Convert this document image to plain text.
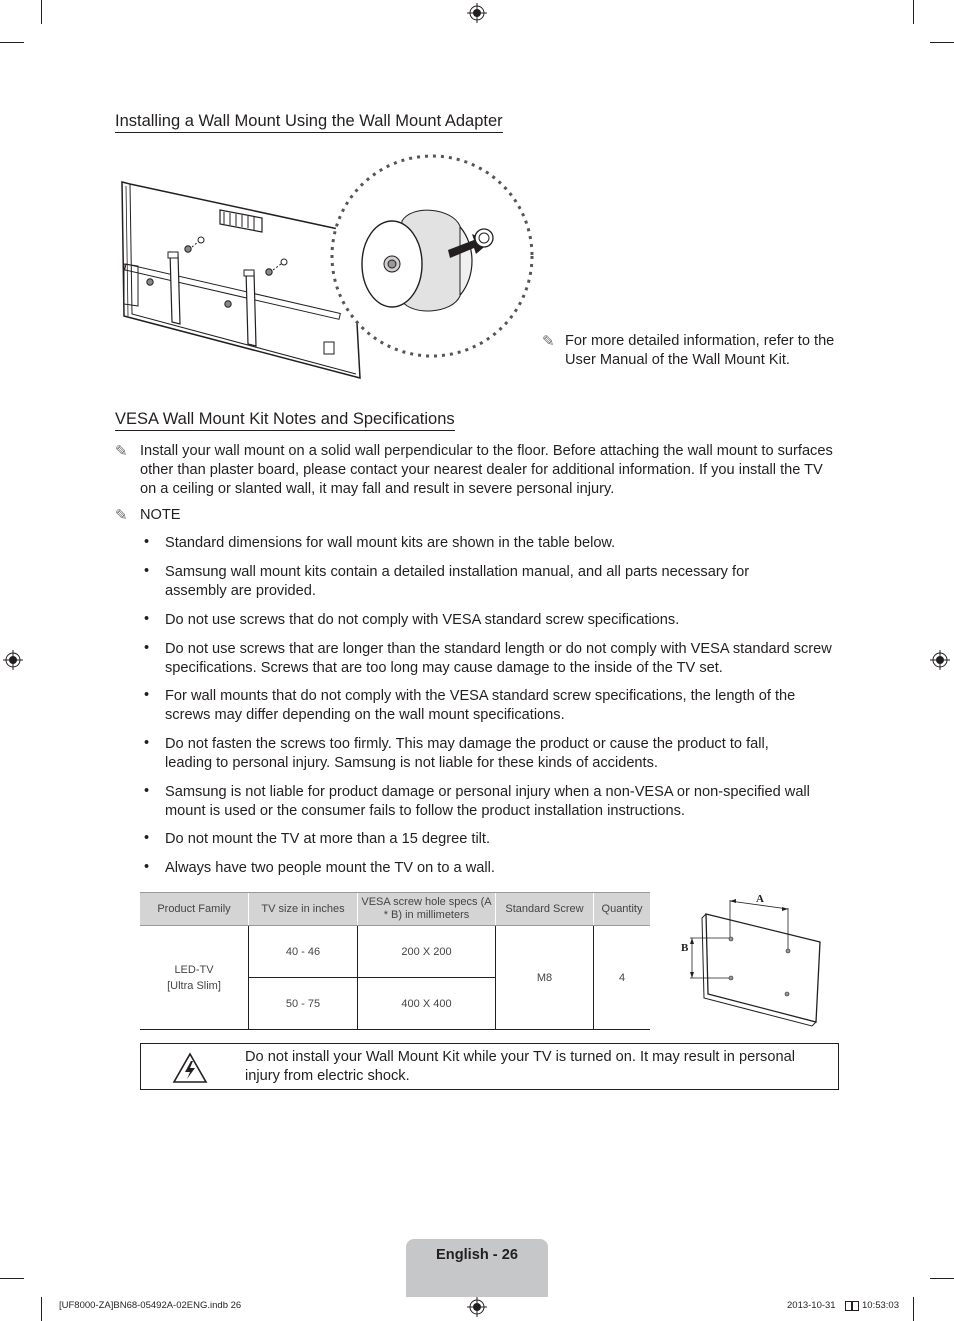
Installing a Wall Mount Using the Wall Mount Adapter
✎ For more detailed information, refer to the User Manual of the Wall Mount Kit.
VESA Wall Mount Kit Notes and Specifications
✎ Install your wall mount on a solid wall perpendicular to the floor. Before attaching the wall mount to surfaces other than plaster board, please contact your nearest dealer for additional information. If you install the TV on a ceiling or slanted wall, it may fall and result in severe personal injury.
✎ NOTE
• Standard dimensions for wall mount kits are shown in the table below.
• Samsung wall mount kits contain a detailed installation manual, and all parts necessary for assembly are provided.
• Do not use screws that do not comply with VESA standard screw specifications.
• Do not use screws that are longer than the standard length or do not comply with VESA standard screw specifications. Screws that are too long may cause damage to the inside of the TV set.
• For wall mounts that do not comply with the VESA standard screw specifications, the length of the screws may differ depending on the wall mount specifications.
• Do not fasten the screws too firmly. This may damage the product or cause the product to fall, leading to personal injury. Samsung is not liable for these kinds of accidents.
• Samsung is not liable for product damage or personal injury when a non-VESA or non-specified wall mount is used or the consumer fails to follow the product installation instructions.
• Do not mount the TV at more than a 15 degree tilt.
• Always have two people mount the TV on to a wall.
Product Family	TV size in inches	VESA screw hole specs (A * B) in millimeters	Standard Screw	Quantity
LED-TV
[Ultra Slim]	40 - 46	200 X 200	M8	4
	50 - 75	400 X 400		
A
B
Do not install your Wall Mount Kit while your TV is turned on. It may result in personal injury from electric shock.
English - 26
[UF8000-ZA]BN68-05492A-02ENG.indb 26	2013-10-31	10:53:03
